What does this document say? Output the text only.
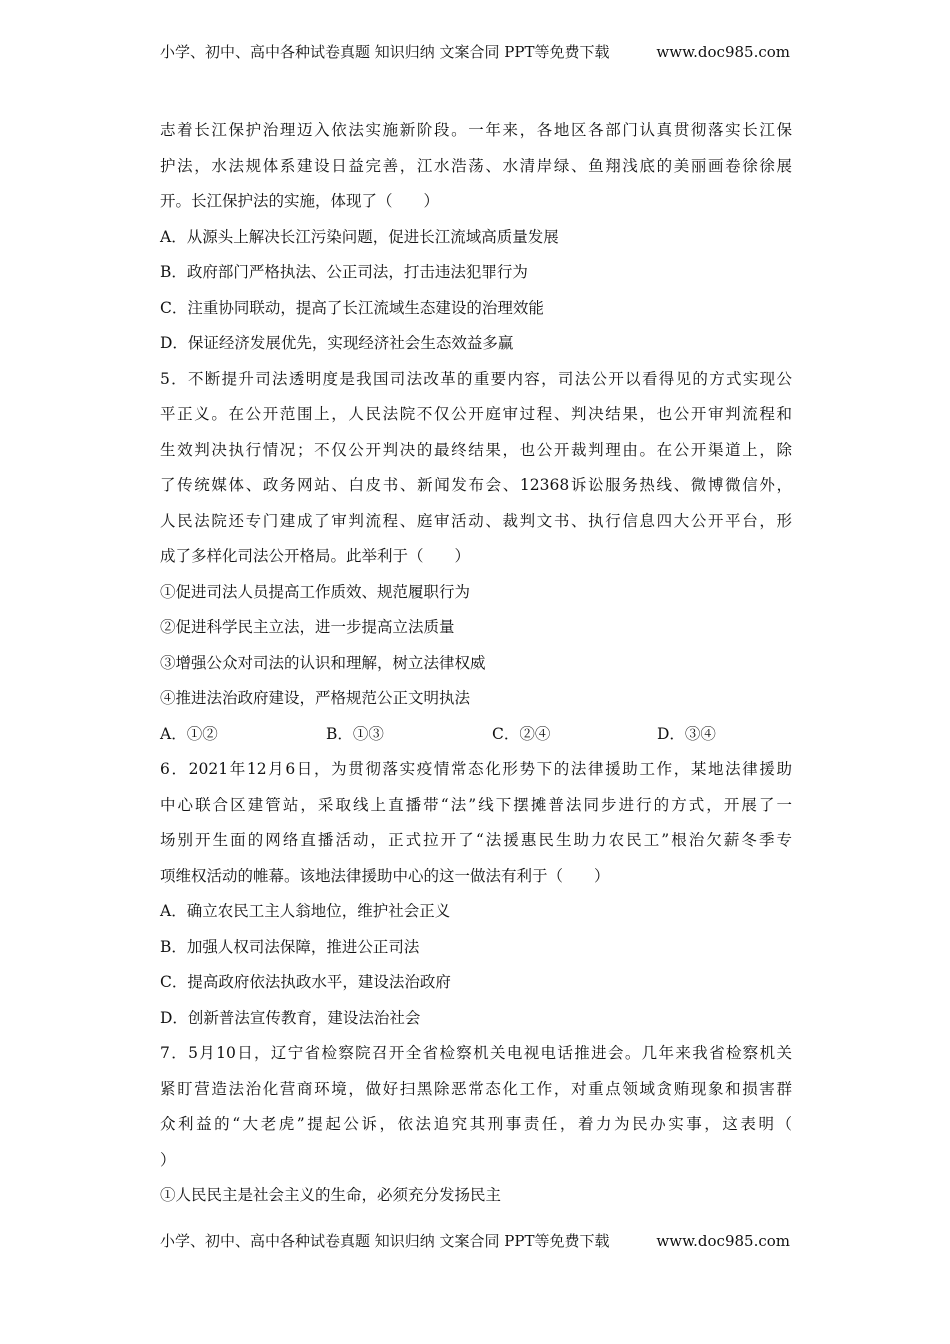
小学、初中、高中各种试卷真题 知识归纳 文案合同 PPT等免费下载	www.doc985.com
志着长江保护治理迈入依法实施新阶段。一年来，各地区各部门认真贯彻落实长江保
护法，水法规体系建设日益完善，江水浩荡、水清岸绿、鱼翔浅底的美丽画卷徐徐展
开。长江保护法的实施，体现了（　　）
A．从源头上解决长江污染问题，促进长江流域高质量发展
B．政府部门严格执法、公正司法，打击违法犯罪行为
C．注重协同联动，提高了长江流域生态建设的治理效能
D．保证经济发展优先，实现经济社会生态效益多赢
5．不断提升司法透明度是我国司法改革的重要内容，司法公开以看得见的方式实现公
平正义。在公开范围上，人民法院不仅公开庭审过程、判决结果，也公开审判流程和
生效判决执行情况；不仅公开判决的最终结果，也公开裁判理由。在公开渠道上，除
了传统媒体、政务网站、白皮书、新闻发布会、12368诉讼服务热线、微博微信外，
人民法院还专门建成了审判流程、庭审活动、裁判文书、执行信息四大公开平台，形
成了多样化司法公开格局。此举利于（　　）
①促进司法人员提高工作质效、规范履职行为
②促进科学民主立法，进一步提高立法质量
③增强公众对司法的认识和理解，树立法律权威
④推进法治政府建设，严格规范公正文明执法
A．①②	B．①③	C．②④	D．③④
6．2021年12月6日，为贯彻落实疫情常态化形势下的法律援助工作，某地法律援助
中心联合区建管站，采取线上直播带“法”线下摆摊普法同步进行的方式，开展了一
场别开生面的网络直播活动，正式拉开了“法援惠民生助力农民工”根治欠薪冬季专
项维权活动的帷幕。该地法律援助中心的这一做法有利于（　　）
A．确立农民工主人翁地位，维护社会正义
B．加强人权司法保障，推进公正司法
C．提高政府依法执政水平，建设法治政府
D．创新普法宣传教育，建设法治社会
7．5月10日，辽宁省检察院召开全省检察机关电视电话推进会。几年来我省检察机关
紧盯营造法治化营商环境，做好扫黑除恶常态化工作，对重点领域贪贿现象和损害群
众利益的“大老虎”提起公诉，依法追究其刑事责任，着力为民办实事，这表明（
）
①人民民主是社会主义的生命，必须充分发扬民主
小学、初中、高中各种试卷真题 知识归纳 文案合同 PPT等免费下载	www.doc985.com
